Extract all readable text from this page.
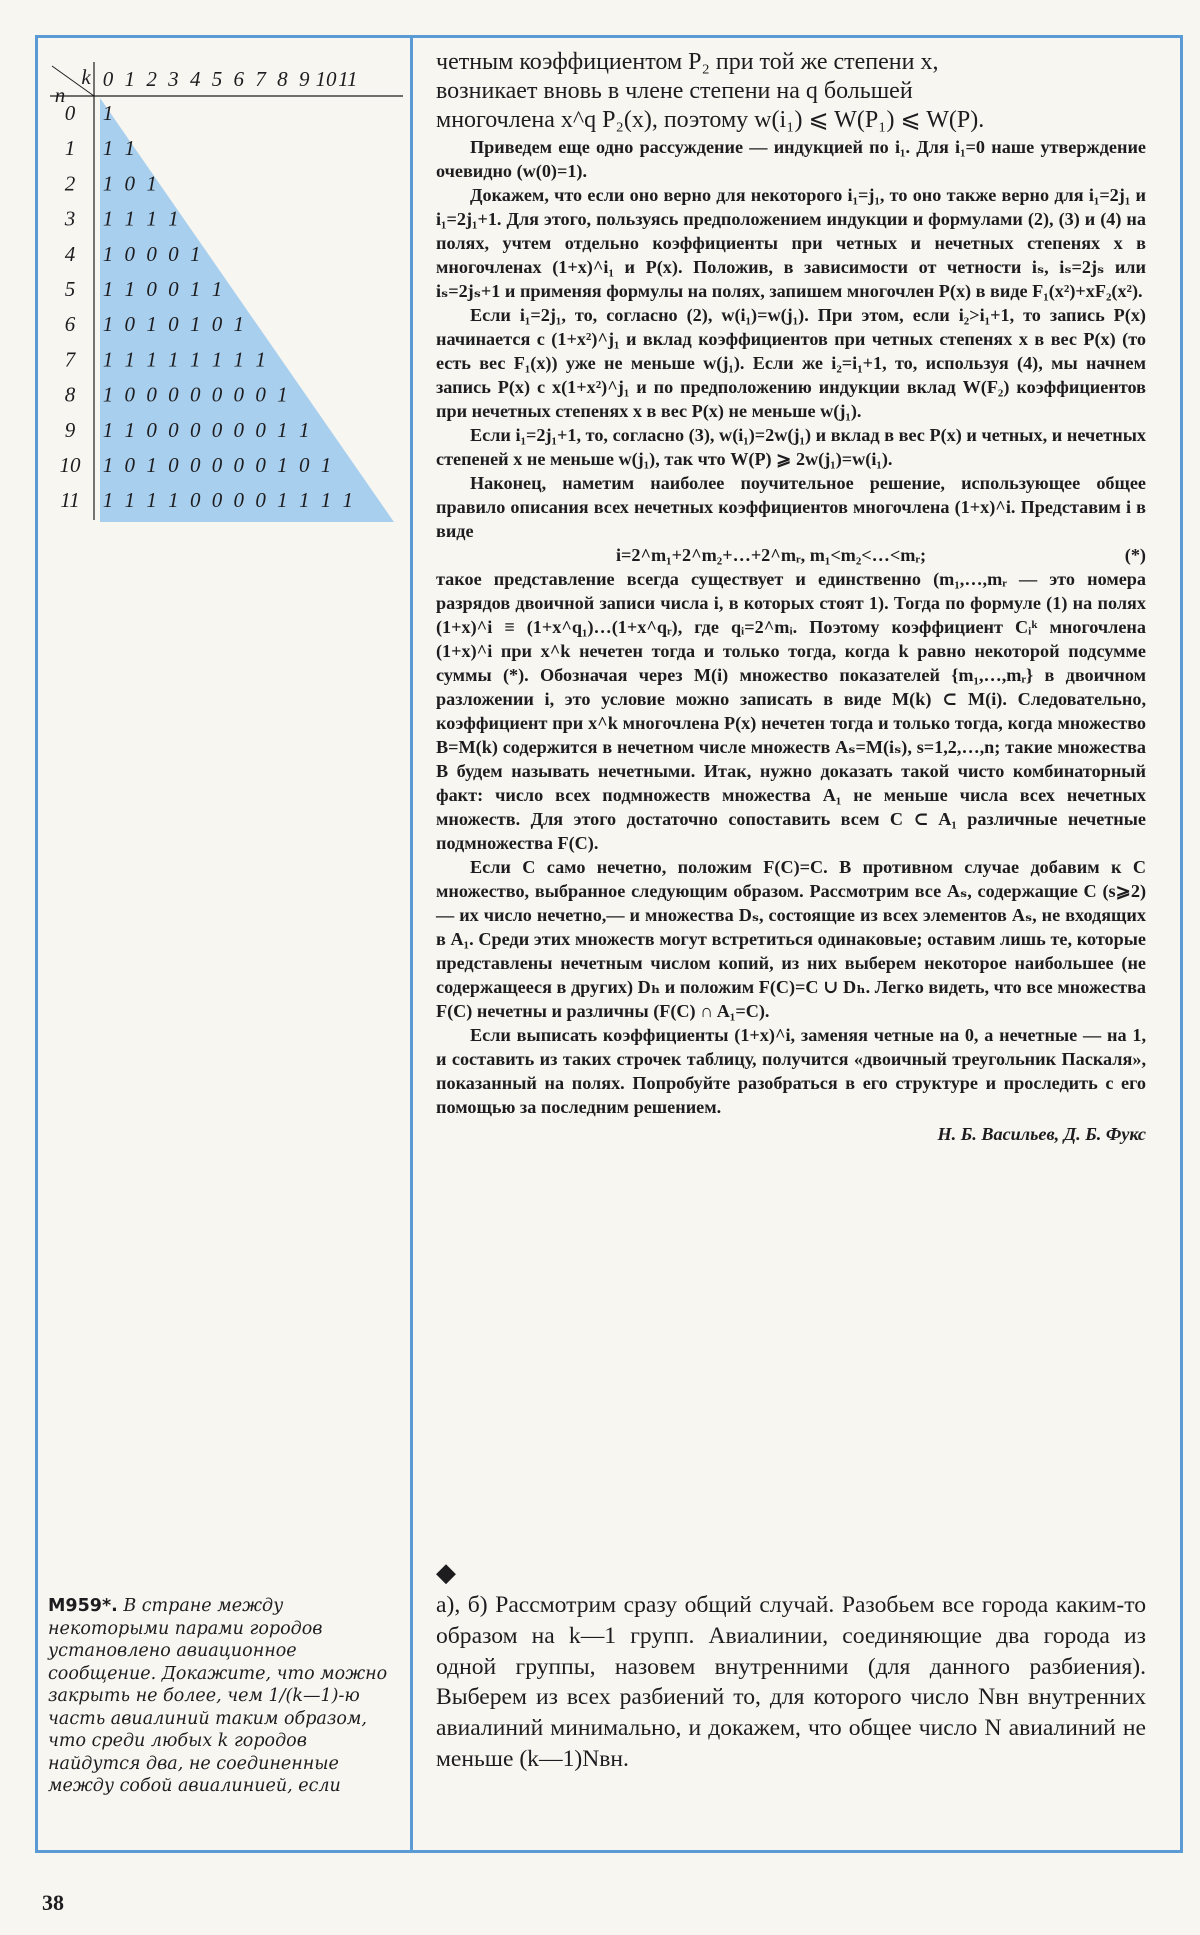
k
n
0 1 2 3 4 5 6 7 8 9 10 11
0 1
1 1 1
2 1 0 1
3 1 1 1 1
4 1 0 0 0 1
5 1 1 0 0 1 1
6 1 0 1 0 1 0 1
7 1 1 1 1 1 1 1 1
8 1 0 0 0 0 0 0 0 1
9 1 1 0 0 0 0 0 0 1 1
10 1 0 1 0 0 0 0 0 1 0 1
11 1 1 1 1 0 0 0 0 1 1 1 1
четным коэффициентом P₂ при той же степени x,
возникает вновь в члене степени на q большей
многочлена x^q P₂(x), поэтому w(i₁) ⩽ W(P₁) ⩽ W(P).

Приведем еще одно рассуждение — индукцией по i₁. Для i₁=0 наше утверждение очевидно (w(0)=1).

Докажем, что если оно верно для некоторого i₁=j₁, то оно также верно для i₁=2j₁ и i₁=2j₁+1. Для этого, пользуясь предположением индукции и формулами (2), (3) и (4) на полях, учтем отдельно коэффициенты при четных и нечетных степенях x в многочленах (1+x)^i₁ и P(x). Положив, в зависимости от четности iₛ, iₛ=2jₛ или iₛ=2jₛ+1 и применяя формулы на полях, запишем многочлен P(x) в виде F₁(x²)+xF₂(x²).

Если i₁=2j₁, то, согласно (2), w(i₁)=w(j₁). При этом, если i₂>i₁+1, то запись P(x) начинается с (1+x²)^j₁ и вклад коэффициентов при четных степенях x в вес P(x) (то есть вес F₁(x)) уже не меньше w(j₁). Если же i₂=i₁+1, то, используя (4), мы начнем запись P(x) с x(1+x²)^j₁ и по предположению индукции вклад W(F₂) коэффициентов при нечетных степенях x в вес P(x) не меньше w(j₁).

Если i₁=2j₁+1, то, согласно (3), w(i₁)=2w(j₁) и вклад в вес P(x) и четных, и нечетных степеней x не меньше w(j₁), так что W(P) ⩾ 2w(j₁)=w(i₁).

Наконец, наметим наиболее поучительное решение, использующее общее правило описания всех нечетных коэффициентов многочлена (1+x)^i. Представим i в виде

i=2^m₁+2^m₂+…+2^mᵣ, m₁<m₂<…<mᵣ;	(*)

такое представление всегда существует и единственно (m₁,…,mᵣ — это номера разрядов двоичной записи числа i, в которых стоят 1). Тогда по формуле (1) на полях (1+x)^i ≡ (1+x^q₁)…(1+x^qᵣ), где qᵢ=2^mᵢ. Поэтому коэффициент Cᵢᵏ многочлена (1+x)^i при x^k нечетен тогда и только тогда, когда k равно некоторой подсумме суммы (*). Обозначая через M(i) множество показателей {m₁,…,mᵣ} в двоичном разложении i, это условие можно записать в виде M(k) ⊂ M(i). Следовательно, коэффициент при x^k многочлена P(x) нечетен тогда и только тогда, когда множество B=M(k) содержится в нечетном числе множеств Aₛ=M(iₛ), s=1,2,…,n; такие множества B будем называть нечетными. Итак, нужно доказать такой чисто комбинаторный факт: число всех подмножеств множества A₁ не меньше числа всех нечетных множеств. Для этого достаточно сопоставить всем C ⊂ A₁ различные нечетные подмножества F(C).

Если C само нечетно, положим F(C)=C. В противном случае добавим к C множество, выбранное следующим образом. Рассмотрим все Aₛ, содержащие C (s⩾2) — их число нечетно,— и множества Dₛ, состоящие из всех элементов Aₛ, не входящих в A₁. Среди этих множеств могут встретиться одинаковые; оставим лишь те, которые представлены нечетным числом копий, из них выберем некоторое наибольшее (не содержащееся в других) Dₕ и положим F(C)=C ∪ Dₕ. Легко видеть, что все множества F(C) нечетны и различны (F(C) ∩ A₁=C).

Если выписать коэффициенты (1+x)^i, заменяя четные на 0, а нечетные — на 1, и составить из таких строчек таблицу, получится «двоичный треугольник Паскаля», показанный на полях. Попробуйте разобраться в его структуре и проследить с его помощью за последним решением.

Н. Б. Васильев, Д. Б. Фукс
◆
M959*. В стране между некоторыми парами городов установлено авиационное сообщение. Докажите, что можно закрыть не более, чем 1/(k—1)-ю часть авиалиний таким образом, что среди любых k городов найдутся два, не соединенные между собой авиалинией, если
а), б) Рассмотрим сразу общий случай. Разобьем все города каким-то образом на k—1 групп. Авиалинии, соединяющие два города из одной группы, назовем внутренними (для данного разбиения). Выберем из всех разбиений то, для которого число Nвн внутренних авиалиний минимально, и докажем, что общее число N авиалиний не меньше (k—1)Nвн.
38
